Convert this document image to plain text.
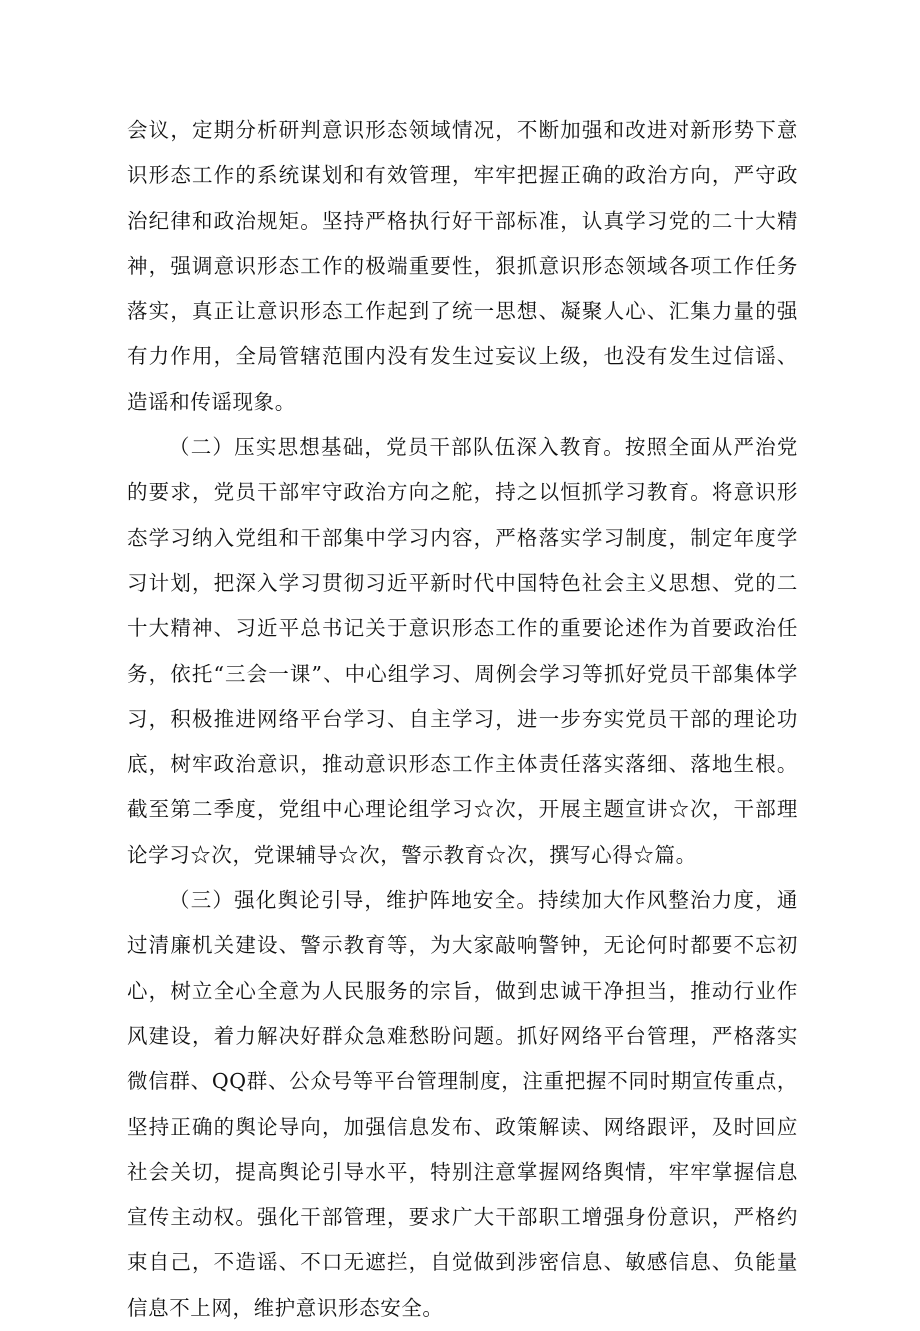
会议，定期分析研判意识形态领域情况，不断加强和改进对新形势下意识形态工作的系统谋划和有效管理，牢牢把握正确的政治方向，严守政治纪律和政治规矩。坚持严格执行好干部标准，认真学习党的二十大精神，强调意识形态工作的极端重要性，狠抓意识形态领域各项工作任务落实，真正让意识形态工作起到了统一思想、凝聚人心、汇集力量的强有力作用，全局管辖范围内没有发生过妄议上级，也没有发生过信谣、造谣和传谣现象。

（二）压实思想基础，党员干部队伍深入教育。按照全面从严治党的要求，党员干部牢守政治方向之舵，持之以恒抓学习教育。将意识形态学习纳入党组和干部集中学习内容，严格落实学习制度，制定年度学习计划，把深入学习贯彻习近平新时代中国特色社会主义思想、党的二十大精神、习近平总书记关于意识形态工作的重要论述作为首要政治任务，依托“三会一课”、中心组学习、周例会学习等抓好党员干部集体学习，积极推进网络平台学习、自主学习，进一步夯实党员干部的理论功底，树牢政治意识，推动意识形态工作主体责任落实落细、落地生根。截至第二季度，党组中心理论组学习☆次，开展主题宣讲☆次，干部理论学习☆次，党课辅导☆次，警示教育☆次，撰写心得☆篇。

（三）强化舆论引导，维护阵地安全。持续加大作风整治力度，通过清廉机关建设、警示教育等，为大家敲响警钟，无论何时都要不忘初心，树立全心全意为人民服务的宗旨，做到忠诚干净担当，推动行业作风建设，着力解决好群众急难愁盼问题。抓好网络平台管理，严格落实微信群、QQ群、公众号等平台管理制度，注重把握不同时期宣传重点，坚持正确的舆论导向，加强信息发布、政策解读、网络跟评，及时回应社会关切，提高舆论引导水平，特别注意掌握网络舆情，牢牢掌握信息宣传主动权。强化干部管理，要求广大干部职工增强身份意识，严格约束自己，不造谣、不口无遮拦，自觉做到涉密信息、敏感信息、负能量信息不上网，维护意识形态安全。
